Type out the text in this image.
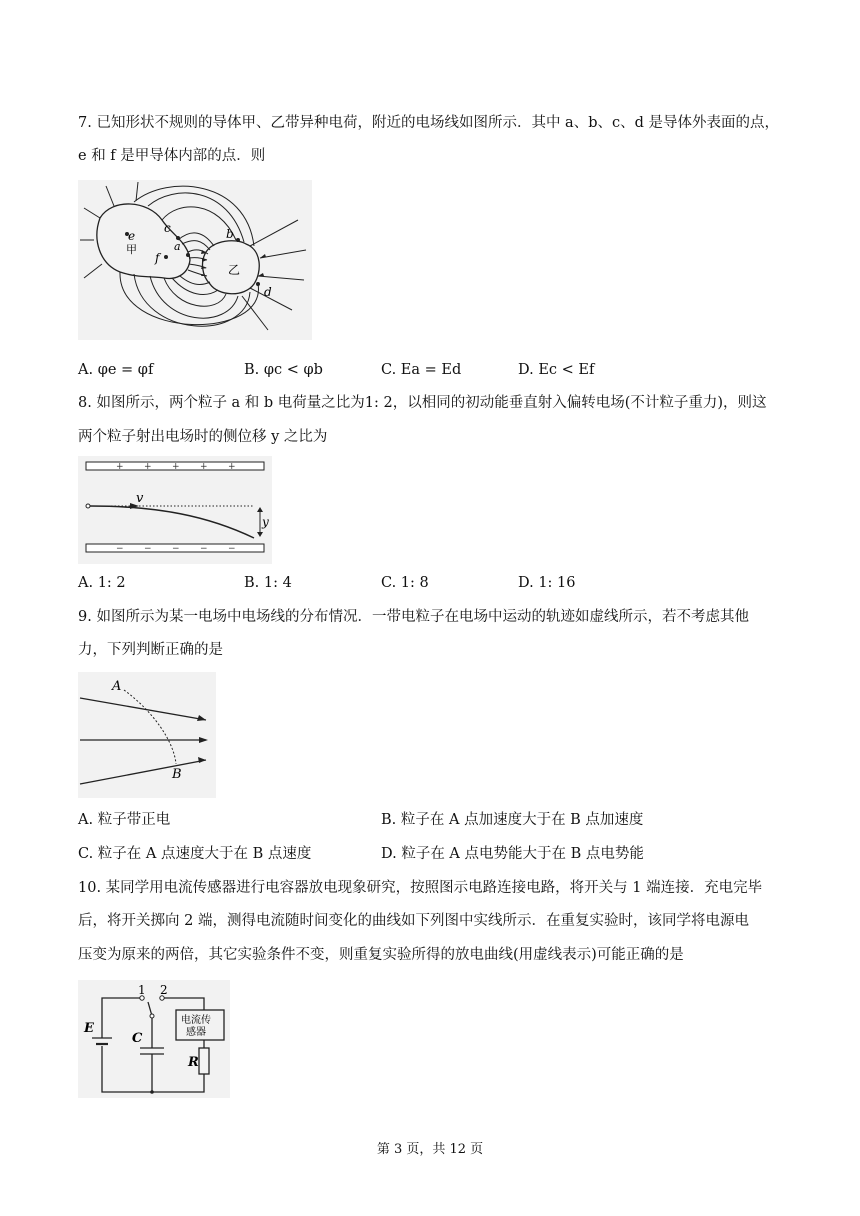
7. 已知形状不规则的导体甲、乙带异种电荷，附近的电场线如图所示．其中 a、b、c、d 是导体外表面的点，
e 和 f 是甲导体内部的点．则
e
甲
f
a
c	b
乙
d
A. φe = φf	B. φc < φb	C. Ea = Ed	D. Ec < Ef
8. 如图所示，两个粒子 a 和 b 电荷量之比为1: 2，以相同的初动能垂直射入偏转电场(不计粒子重力)，则这
两个粒子射出电场时的侧位移 y 之比为
+ + + + +
− − − − −
v
y
A. 1: 2	B. 1: 4	C. 1: 8	D. 1: 16
9. 如图所示为某一电场中电场线的分布情况．一带电粒子在电场中运动的轨迹如虚线所示，若不考虑其他
力，下列判断正确的是
A
B
A. 粒子带正电	B. 粒子在 A 点加速度大于在 B 点加速度
C. 粒子在 A 点速度大于在 B 点速度	D. 粒子在 A 点电势能大于在 B 点电势能
10. 某同学用电流传感器进行电容器放电现象研究，按照图示电路连接电路，将开关与 1 端连接．充电完毕
后，将开关掷向 2 端，测得电流随时间变化的曲线如下列图中实线所示．在重复实验时，该同学将电源电
压变为原来的两倍，其它实验条件不变，则重复实验所得的放电曲线(用虚线表示)可能正确的是
1 2
E
C
R
电流传
感器
第 3 页，共 12 页
